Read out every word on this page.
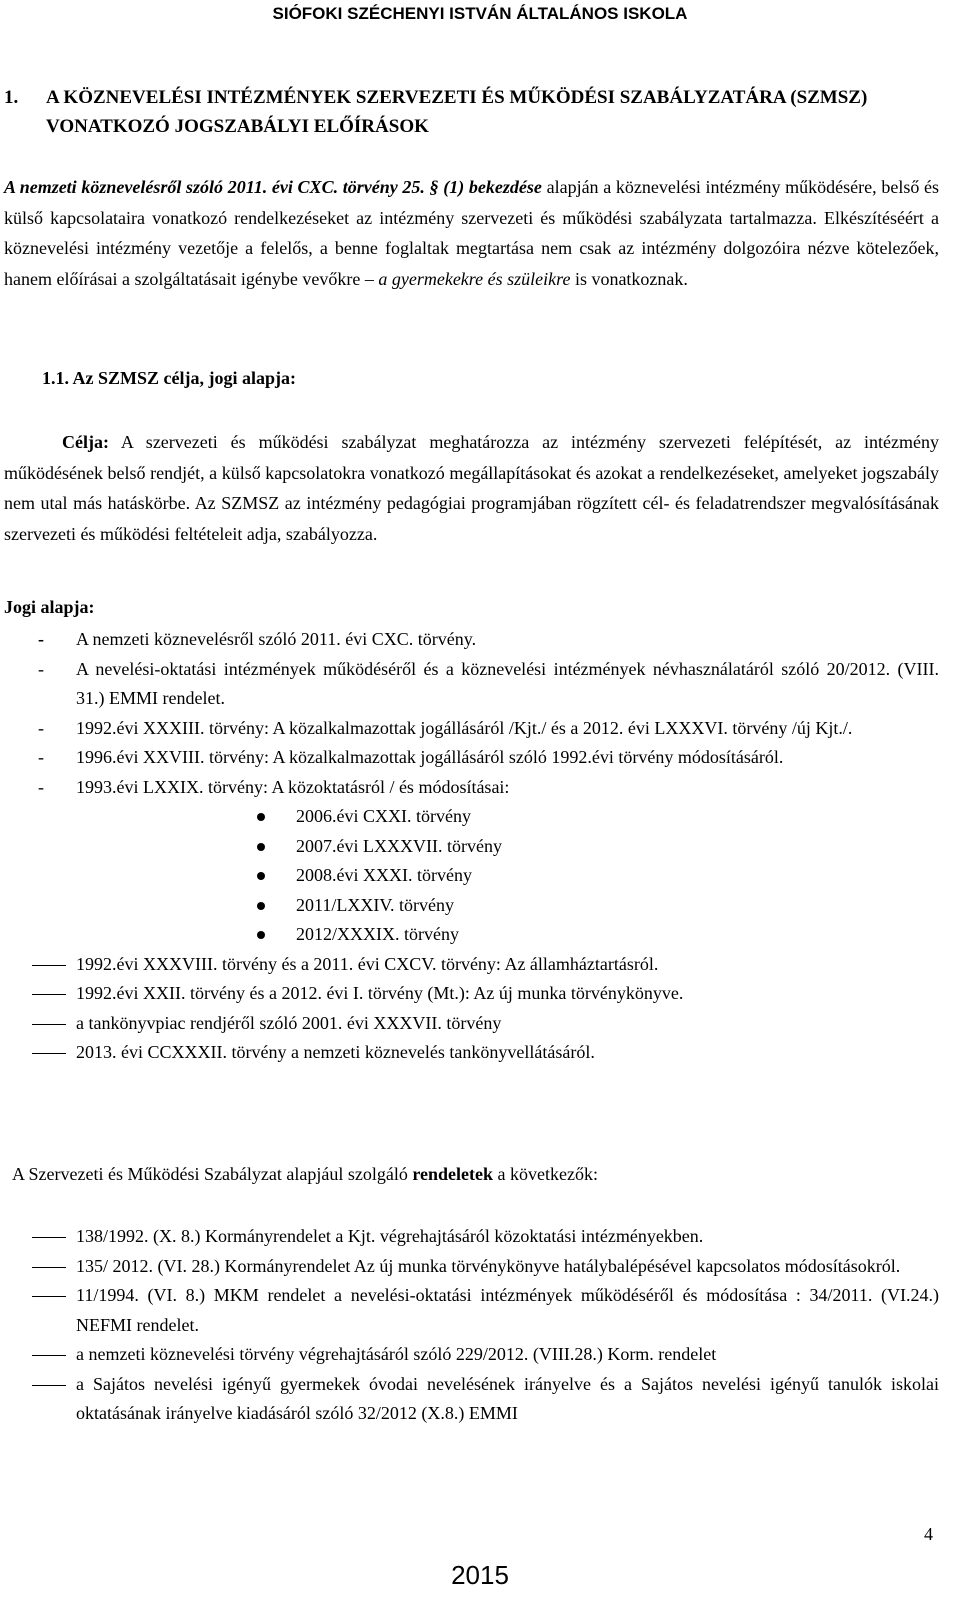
SIÓFOKI SZÉCHENYI ISTVÁN ÁLTALÁNOS ISKOLA
1. A KÖZNEVELÉSI INTÉZMÉNYEK SZERVEZETI ÉS MŰKÖDÉSI SZABÁLYZATÁRA (SZMSZ) VONATKOZÓ JOGSZABÁLYI ELŐÍRÁSOK
A nemzeti köznevelésről szóló 2011. évi CXC. törvény 25. § (1) bekezdése alapján a köznevelési intézmény működésére, belső és külső kapcsolataira vonatkozó rendelkezéseket az intézmény szervezeti és működési szabályzata tartalmazza. Elkészítéséért a köznevelési intézmény vezetője a felelős, a benne foglaltak megtartása nem csak az intézmény dolgozóira nézve kötelezőek, hanem előírásai a szolgáltatásait igénybe vevőkre – a gyermekekre és szüleikre is vonatkoznak.
1.1. Az SZMSZ célja, jogi alapja:
Célja: A szervezeti és működési szabályzat meghatározza az intézmény szervezeti felépítését, az intézmény működésének belső rendjét, a külső kapcsolatokra vonatkozó megállapításokat és azokat a rendelkezéseket, amelyeket jogszabály nem utal más hatáskörbe. Az SZMSZ az intézmény pedagógiai programjában rögzített cél- és feladatrendszer megvalósításának szervezeti és működési feltételeit adja, szabályozza.
Jogi alapja:
- A nemzeti köznevelésről szóló 2011. évi CXC. törvény.
- A nevelési-oktatási intézmények működéséről és a köznevelési intézmények névhasználatáról szóló 20/2012. (VIII. 31.) EMMI rendelet.
- 1992.évi XXXIII. törvény: A közalkalmazottak jogállásáról /Kjt./ és a 2012. évi LXXXVI. törvény /új Kjt./.
- 1996.évi XXVIII. törvény: A közalkalmazottak jogállásáról szóló 1992.évi törvény módosításáról.
- 1993.évi LXXIX. törvény: A közoktatásról / és módosításai:
2006.évi CXXI. törvény
2007.évi LXXXVII. törvény
2008.évi XXXI. törvény
2011/LXXIV. törvény
2012/XXXIX. törvény
1992.évi XXXVIII. törvény és a 2011. évi CXCV. törvény: Az államháztartásról.
1992.évi XXII. törvény és a 2012. évi I. törvény (Mt.): Az új munka törvénykönyve.
a tankönyvpiac rendjéről szóló 2001. évi XXXVII. törvény
2013. évi CCXXXII. törvény a nemzeti köznevelés tankönyvellátásáról.
A Szervezeti és Működési Szabályzat alapjául szolgáló rendeletek a következők:
138/1992. (X. 8.) Kormányrendelet a Kjt. végrehajtásáról közoktatási intézményekben.
135/ 2012. (VI. 28.) Kormányrendelet Az új munka törvénykönyve hatálybalépésével kapcsolatos módosításokról.
11/1994. (VI. 8.) MKM rendelet a nevelési-oktatási intézmények működéséről és módosítása : 34/2011. (VI.24.) NEFMI rendelet.
a nemzeti köznevelési törvény végrehajtásáról szóló 229/2012. (VIII.28.) Korm. rendelet
a Sajátos nevelési igényű gyermekek óvodai nevelésének irányelve és a Sajátos nevelési igényű tanulók iskolai oktatásának irányelve kiadásáról szóló 32/2012 (X.8.) EMMI
4
2015
